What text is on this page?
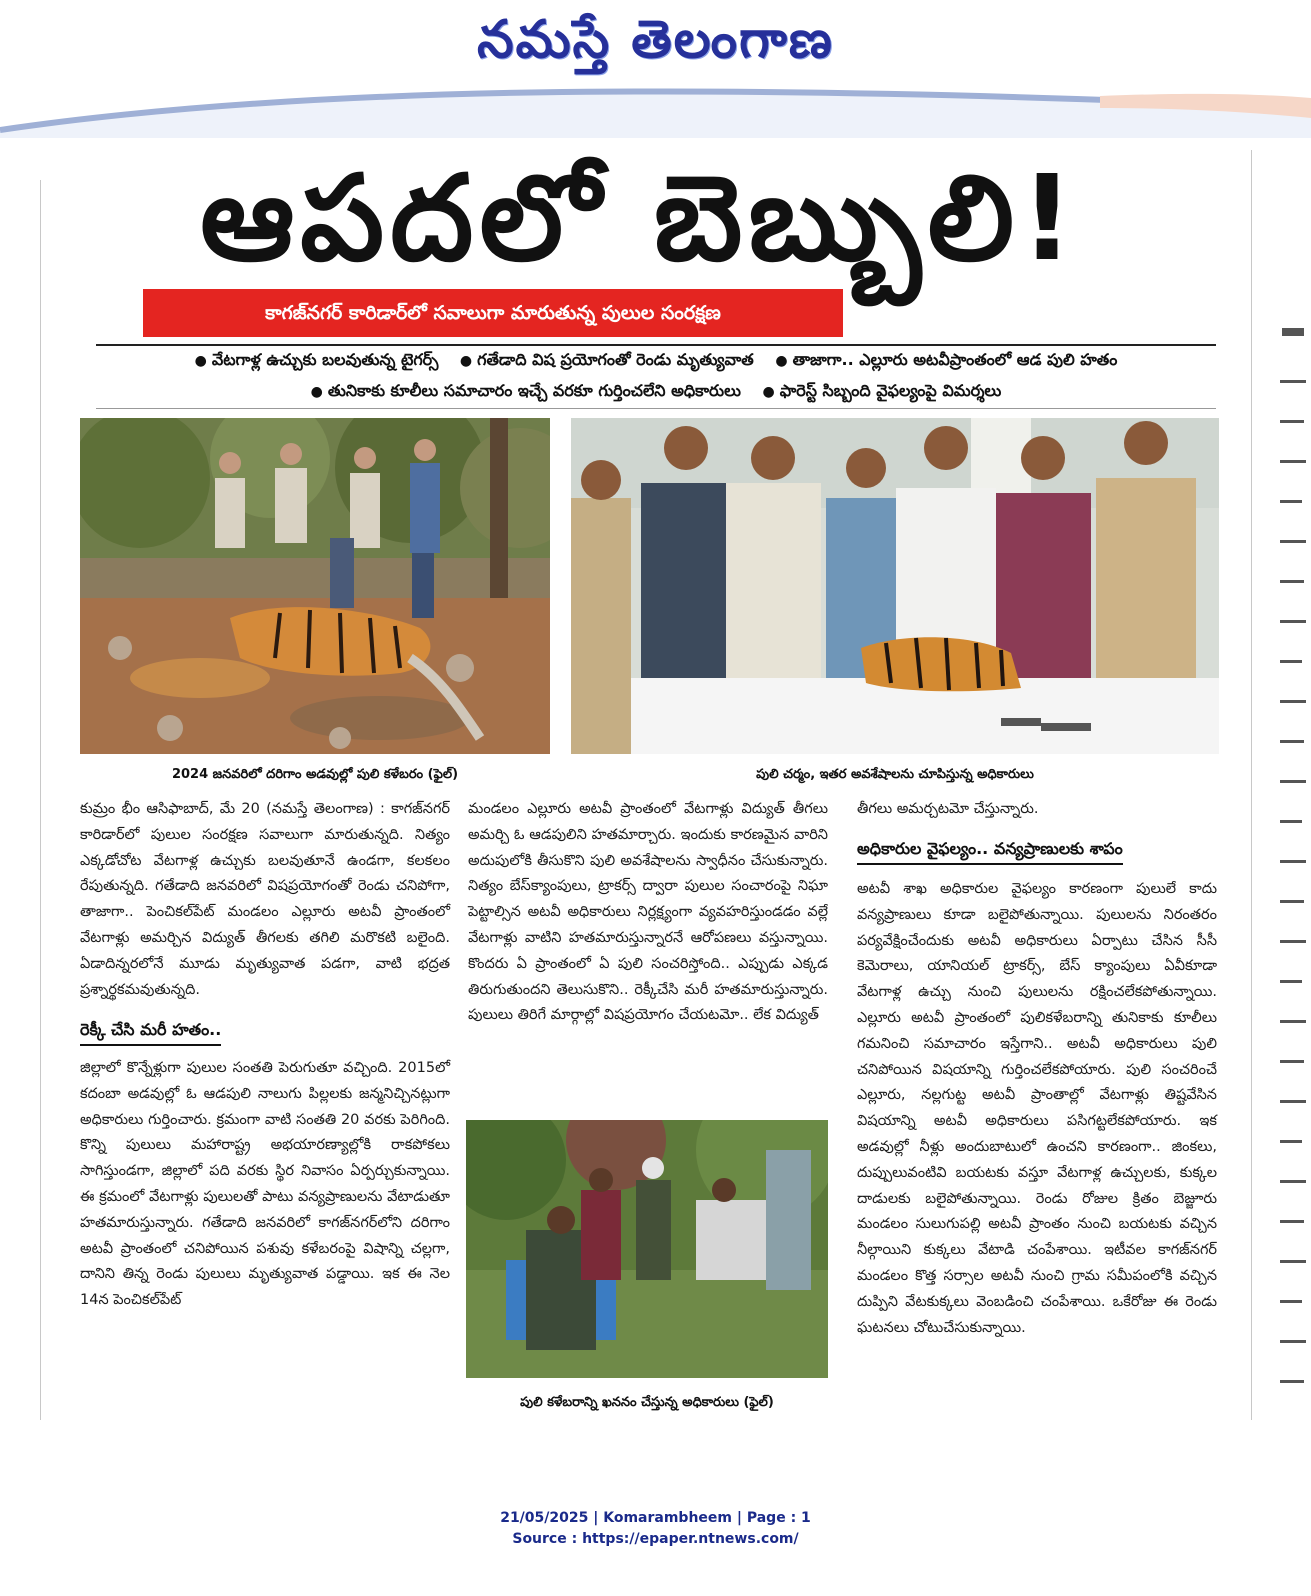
నమస్తే తెలంగాణ
ఆపదలో బెబ్బులి!
కాగజ్‌నగర్ కారిడార్‌లో సవాలుగా మారుతున్న పులుల సంరక్షణ
● వేటగాళ్ల ఉచ్చుకు బలవుతున్న టైగర్స్ ● గతేడాది విష ప్రయోగంతో రెండు మృత్యువాత ● తాజాగా.. ఎల్లూరు అటవీప్రాంతంలో ఆడ పులి హతం
● తునికాకు కూలీలు సమాచారం ఇచ్చే వరకూ గుర్తించలేని అధికారులు ● ఫారెస్ట్ సిబ్బంది వైఫల్యంపై విమర్శలు
2024 జనవరిలో దరిగాం అడవుల్లో పులి కళేబరం (ఫైల్)	పులి చర్మం, ఇతర అవశేషాలను చూపిస్తున్న అధికారులు

కుమ్రం భీం ఆసిఫాబాద్, మే 20 (నమస్తే తెలంగాణ) : కాగజ్‌నగర్ కారిడార్‌లో పులుల సంరక్షణ సవాలుగా మారుతున్నది. నిత్యం ఎక్కడోచోట వేటగాళ్ల ఉచ్చుకు బలవుతూనే ఉండగా, కలకలం రేపుతున్నది. గతేడాది జనవరిలో విషప్రయోగంతో రెండు చనిపోగా, తాజాగా.. పెంచికల్‌పేట్ మండలం ఎల్లూరు అటవీ ప్రాంతంలో వేటగాళ్లు అమర్చిన విద్యుత్ తీగలకు తగిలి మరొకటి బలైంది. ఏడాదిన్నరలోనే మూడు మృత్యువాత పడగా, వాటి భద్రత ప్రశ్నార్థకమవుతున్నది.

రెక్కీ చేసి మరీ హతం..

జిల్లాలో కొన్నేళ్లుగా పులుల సంతతి పెరుగుతూ వచ్చింది. 2015లో కదంబా అడవుల్లో ఓ ఆడపులి నాలుగు పిల్లలకు జన్మనిచ్చినట్లుగా అధికారులు గుర్తించారు. క్రమంగా వాటి సంతతి 20 వరకు పెరిగింది. కొన్ని పులులు మహారాష్ట్ర అభయారణ్యాల్లోకి రాకపోకలు సాగిస్తుండగా, జిల్లాలో పది వరకు స్థిర నివాసం ఏర్పర్చుకున్నాయి. ఈ క్రమంలో వేటగాళ్లు పులులతో పాటు వన్యప్రాణులను వేటాడుతూ హతమారుస్తున్నారు. గతేడాది జనవరిలో కాగజ్‌నగర్‌లోని దరిగాం అటవీ ప్రాంతంలో చనిపోయిన పశువు కళేబరంపై విషాన్ని చల్లగా, దానిని తిన్న రెండు పులులు మృత్యువాత పడ్డాయి. ఇక ఈ నెల 14న పెంచికల్‌పేట్

మండలం ఎల్లూరు అటవీ ప్రాంతంలో వేటగాళ్లు విద్యుత్ తీగలు అమర్చి ఓ ఆడపులిని హతమార్చారు. ఇందుకు కారణమైన వారిని అదుపులోకి తీసుకొని పులి అవశేషాలను స్వాధీనం చేసుకున్నారు. నిత్యం బేస్‌క్యాంపులు, ట్రాకర్స్ ద్వారా పులుల సంచారంపై నిఘా పెట్టాల్సిన అటవీ అధికారులు నిర్లక్ష్యంగా వ్యవహరిస్తుండడం వల్లే వేటగాళ్లు వాటిని హతమారుస్తున్నారనే ఆరోపణలు వస్తున్నాయి. కొందరు ఏ ప్రాంతంలో ఏ పులి సంచరిస్తోంది.. ఎప్పుడు ఎక్కడ తిరుగుతుందని తెలుసుకొని.. రెక్కీచేసి మరీ హతమారుస్తున్నారు. పులులు తిరిగే మార్గాల్లో విషప్రయోగం చేయటమో.. లేక విద్యుత్

పులి కళేబరాన్ని ఖననం చేస్తున్న అధికారులు (ఫైల్)

తీగలు అమర్చటమో చేస్తున్నారు.

అధికారుల వైఫల్యం.. వన్యప్రాణులకు శాపం

అటవీ శాఖ అధికారుల వైఫల్యం కారణంగా పులులే కాదు వన్యప్రాణులు కూడా బలైపోతున్నాయి. పులులను నిరంతరం పర్యవేక్షించేందుకు అటవీ అధికారులు ఏర్పాటు చేసిన సీసీ కెమెరాలు, యానియల్ ట్రాకర్స్, బేస్ క్యాంపులు ఏవీకూడా వేటగాళ్ల ఉచ్చు నుంచి పులులను రక్షించలేకపోతున్నాయి. ఎల్లూరు అటవీ ప్రాంతంలో పులికళేబరాన్ని తునికాకు కూలీలు గమనించి సమాచారం ఇస్తేగాని.. అటవీ అధికారులు పులి చనిపోయిన విషయాన్ని గుర్తించలేకపోయారు. పులి సంచరించే ఎల్లూరు, నల్లగుట్ట అటవీ ప్రాంతాల్లో వేటగాళ్లు తిష్టవేసిన విషయాన్ని అటవీ అధికారులు పసిగట్టలేకపోయారు. ఇక అడవుల్లో నీళ్లు అందుబాటులో ఉంచని కారణంగా.. జింకలు, దుప్పులువంటివి బయటకు వస్తూ వేటగాళ్ల ఉచ్చులకు, కుక్కల దాడులకు బలైపోతున్నాయి. రెండు రోజుల క్రితం బెజ్జూరు మండలం సులుగుపల్లి అటవీ ప్రాంతం నుంచి బయటకు వచ్చిన నీల్గాయిని కుక్కలు వేటాడి చంపేశాయి. ఇటీవల కాగజ్‌నగర్ మండలం కొత్త సర్సాల అటవీ నుంచి గ్రామ సమీపంలోకి వచ్చిన దుప్పిని వేటకుక్కలు వెంబడించి చంపేశాయి. ఒకేరోజు ఈ రెండు ఘటనలు చోటుచేసుకున్నాయి.

21/05/2025 | Komarambheem | Page : 1
Source : https://epaper.ntnews.com/
